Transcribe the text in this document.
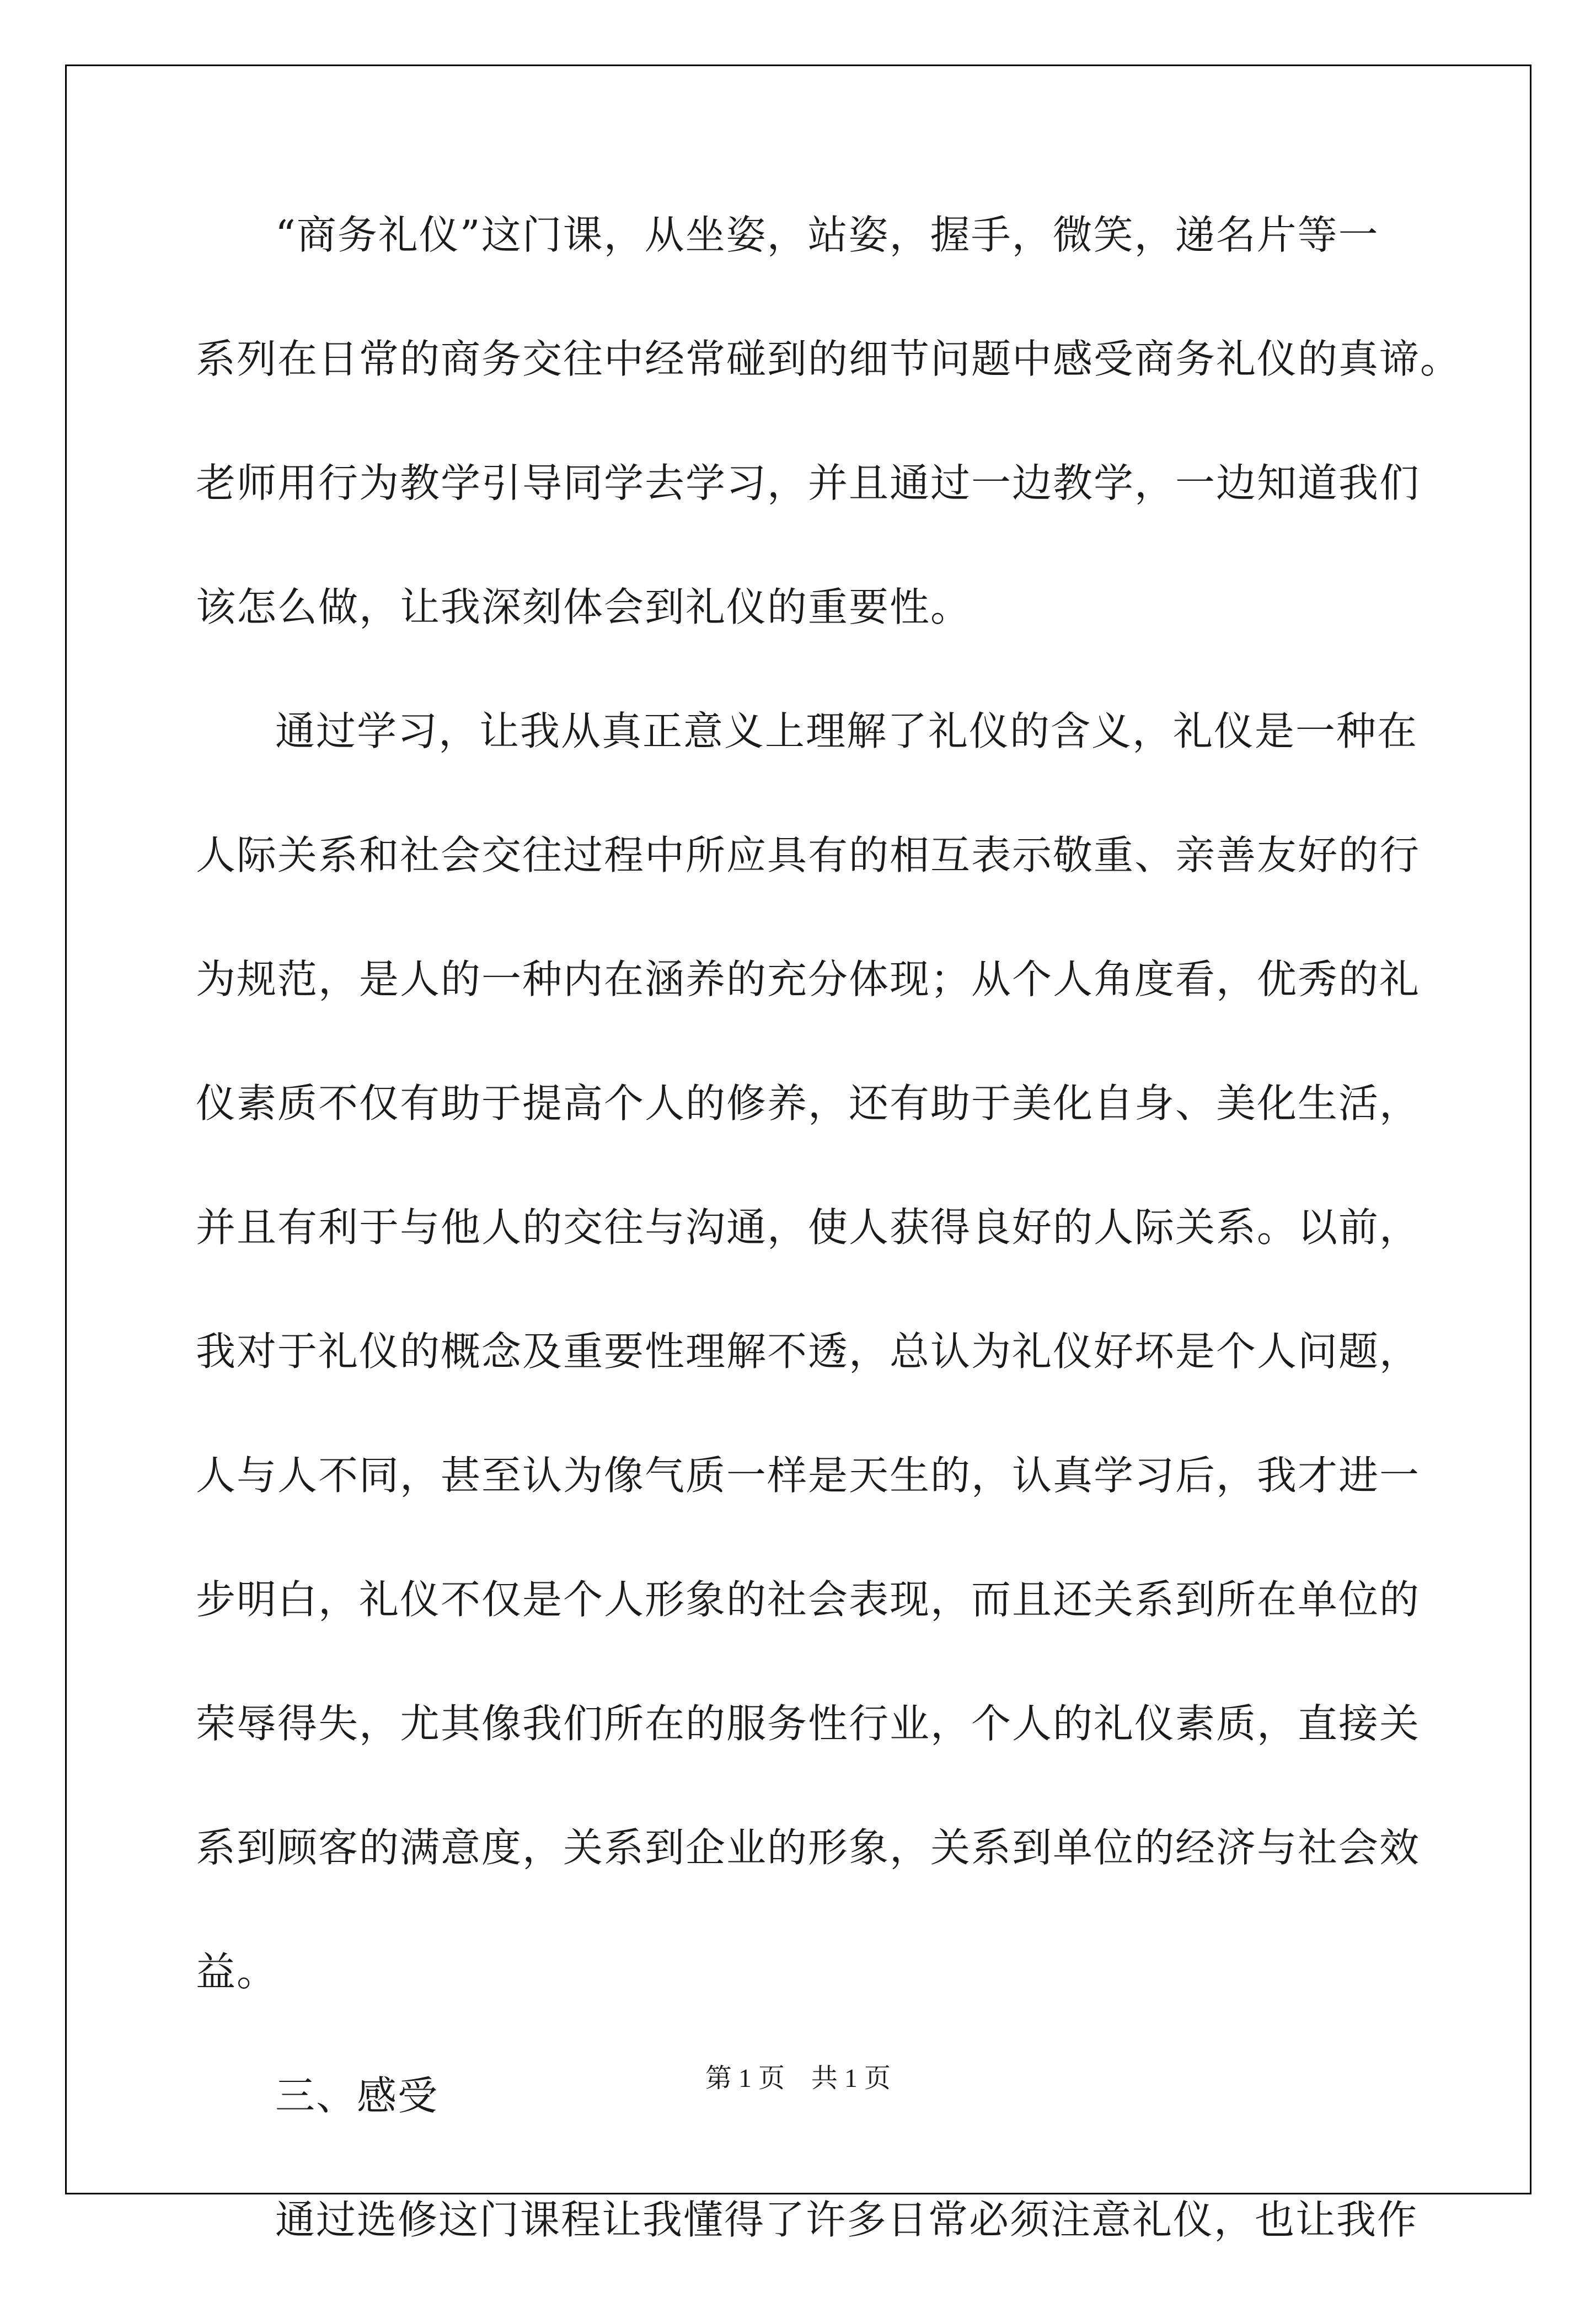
“商务礼仪”这门课，从坐姿，站姿，握手，微笑，递名片等一
系列在日常的商务交往中经常碰到的细节问题中感受商务礼仪的真谛。
老师用行为教学引导同学去学习，并且通过一边教学，一边知道我们
该怎么做，让我深刻体会到礼仪的重要性。
通过学习，让我从真正意义上理解了礼仪的含义，礼仪是一种在
人际关系和社会交往过程中所应具有的相互表示敬重、亲善友好的行
为规范，是人的一种内在涵养的充分体现；从个人角度看，优秀的礼
仪素质不仅有助于提高个人的修养，还有助于美化自身、美化生活，
并且有利于与他人的交往与沟通，使人获得良好的人际关系。以前，
我对于礼仪的概念及重要性理解不透，总认为礼仪好坏是个人问题，
人与人不同，甚至认为像气质一样是天生的，认真学习后，我才进一
步明白，礼仪不仅是个人形象的社会表现，而且还关系到所在单位的
荣辱得失，尤其像我们所在的服务性行业，个人的礼仪素质，直接关
系到顾客的满意度，关系到企业的形象，关系到单位的经济与社会效
益。
三、感受
通过选修这门课程让我懂得了许多日常必须注意礼仪，也让我作
第 1 页    共 1 页
